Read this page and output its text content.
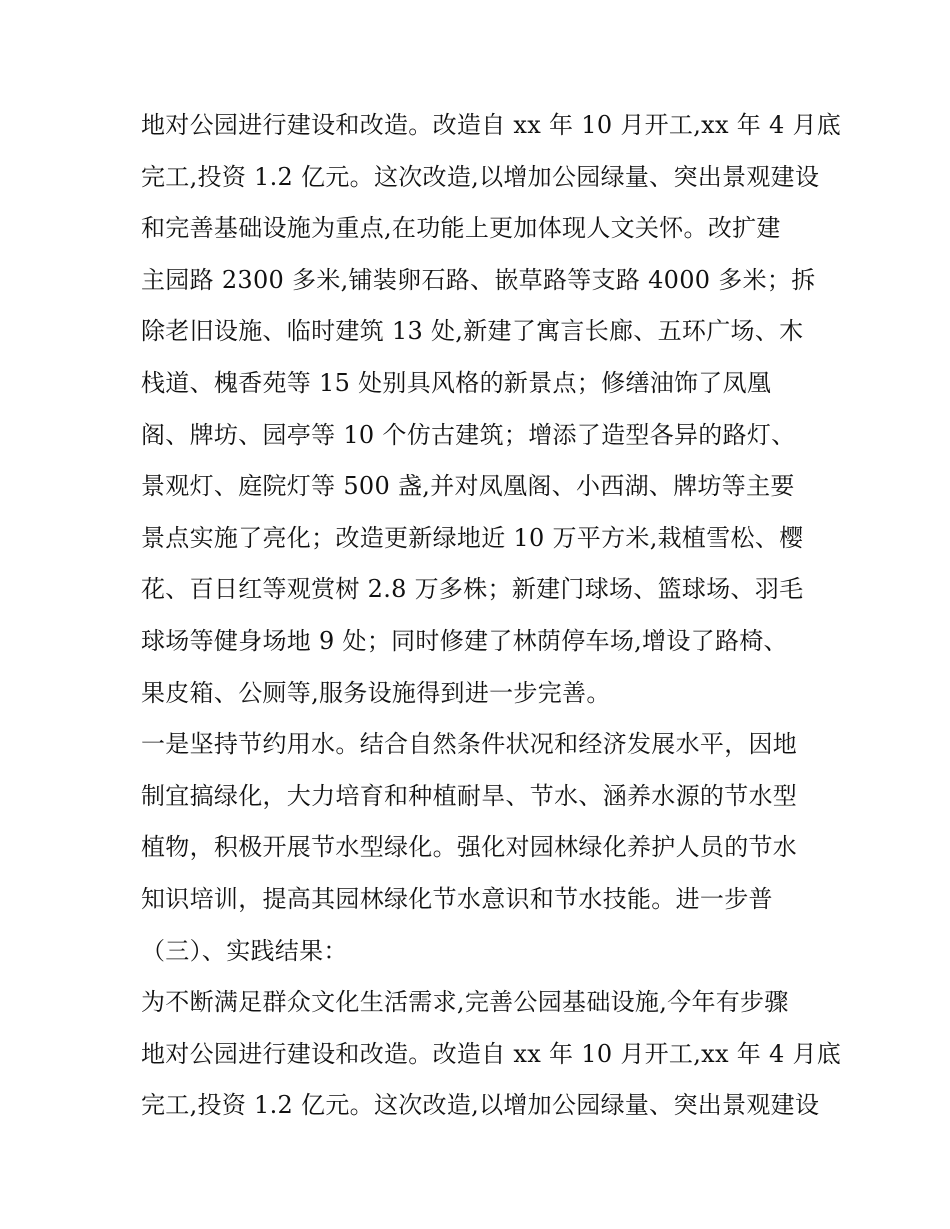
地对公园进行建设和改造。改造自 xx 年 10 月开工,xx 年 4 月底
完工,投资 1.2 亿元。这次改造,以增加公园绿量、突出景观建设
和完善基础设施为重点,在功能上更加体现人文关怀。改扩建
主园路 2300 多米,铺装卵石路、嵌草路等支路 4000 多米；拆
除老旧设施、临时建筑 13 处,新建了寓言长廊、五环广场、木
栈道、槐香苑等 15 处别具风格的新景点；修缮油饰了凤凰
阁、牌坊、园亭等 10 个仿古建筑；增添了造型各异的路灯、
景观灯、庭院灯等 500 盏,并对凤凰阁、小西湖、牌坊等主要
景点实施了亮化；改造更新绿地近 10 万平方米,栽植雪松、樱
花、百日红等观赏树 2.8 万多株；新建门球场、篮球场、羽毛
球场等健身场地 9 处；同时修建了林荫停车场,增设了路椅、
果皮箱、公厕等,服务设施得到进一步完善。
一是坚持节约用水。结合自然条件状况和经济发展水平，因地
制宜搞绿化，大力培育和种植耐旱、节水、涵养水源的节水型
植物，积极开展节水型绿化。强化对园林绿化养护人员的节水
知识培训，提高其园林绿化节水意识和节水技能。进一步普
（三）、实践结果：
为不断满足群众文化生活需求,完善公园基础设施,今年有步骤
地对公园进行建设和改造。改造自 xx 年 10 月开工,xx 年 4 月底
完工,投资 1.2 亿元。这次改造,以增加公园绿量、突出景观建设
